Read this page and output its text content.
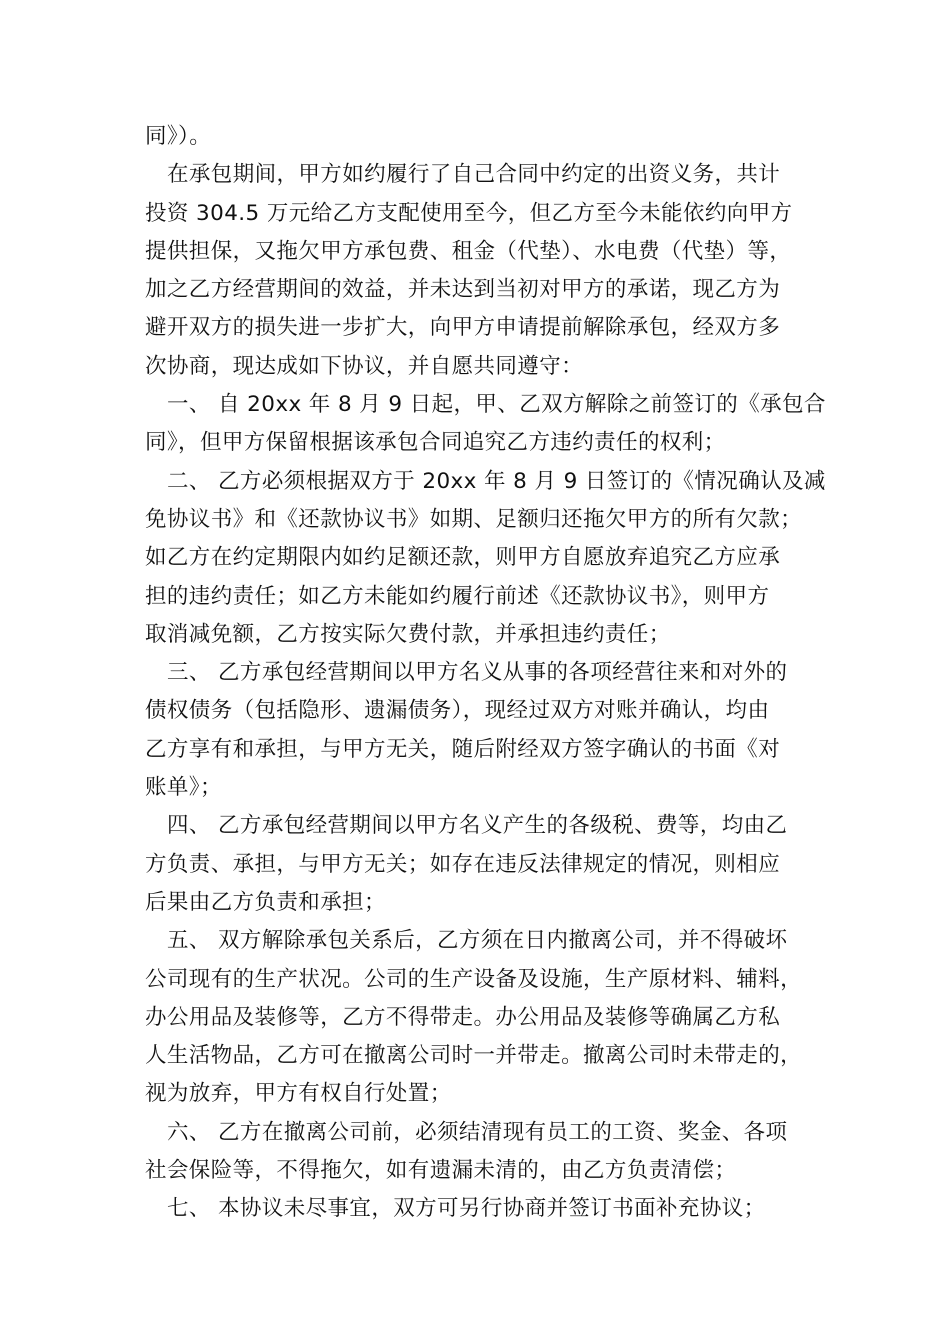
同》）。
在承包期间，甲方如约履行了自己合同中约定的出资义务，共计
投资 304.5 万元给乙方支配使用至今，但乙方至今未能依约向甲方
提供担保，又拖欠甲方承包费、租金（代垫）、水电费（代垫）等，
加之乙方经营期间的效益，并未达到当初对甲方的承诺，现乙方为
避开双方的损失进一步扩大，向甲方申请提前解除承包，经双方多
次协商，现达成如下协议，并自愿共同遵守：
一、 自 20xx 年 8 月 9 日起，甲、乙双方解除之前签订的《承包合
同》，但甲方保留根据该承包合同追究乙方违约责任的权利；
二、 乙方必须根据双方于 20xx 年 8 月 9 日签订的《情况确认及减
免协议书》和《还款协议书》如期、足额归还拖欠甲方的所有欠款；
如乙方在约定期限内如约足额还款，则甲方自愿放弃追究乙方应承
担的违约责任；如乙方未能如约履行前述《还款协议书》，则甲方
取消减免额，乙方按实际欠费付款，并承担违约责任；
三、 乙方承包经营期间以甲方名义从事的各项经营往来和对外的
债权债务（包括隐形、遗漏债务），现经过双方对账并确认，均由
乙方享有和承担，与甲方无关，随后附经双方签字确认的书面《对
账单》；
四、 乙方承包经营期间以甲方名义产生的各级税、费等，均由乙
方负责、承担，与甲方无关；如存在违反法律规定的情况，则相应
后果由乙方负责和承担；
五、 双方解除承包关系后，乙方须在日内撤离公司，并不得破坏
公司现有的生产状况。公司的生产设备及设施，生产原材料、辅料，
办公用品及装修等，乙方不得带走。办公用品及装修等确属乙方私
人生活物品，乙方可在撤离公司时一并带走。撤离公司时未带走的，
视为放弃，甲方有权自行处置；
六、 乙方在撤离公司前，必须结清现有员工的工资、奖金、各项
社会保险等，不得拖欠，如有遗漏未清的，由乙方负责清偿；
七、 本协议未尽事宜，双方可另行协商并签订书面补充协议；
